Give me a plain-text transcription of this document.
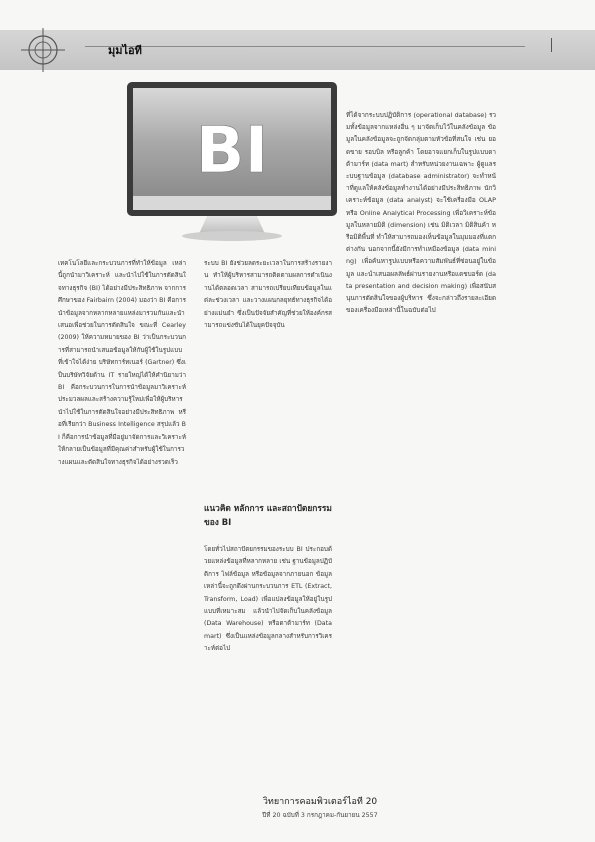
มุมไอที
BI

เทคโนโลยีและกระบวนการที่ทำให้ข้อมูล เหล่านี้ถูกนำมาวิเคราะห์ และนำไปใช้ในการตัดสินใจทางธุรกิจ (BI) ได้อย่างมีประสิทธิภาพ จากการศึกษาของ Fairbairn (2004) มองว่า BI คือการนำข้อมูลจากหลากหลายแหล่งมารวมกันและนำเสนอเพื่อช่วยในการตัดสินใจ ขณะที่ Cearley (2009) ให้ความหมายของ BI ว่าเป็นกระบวนการที่สามารถนำเสนอข้อมูลให้กับผู้ใช้ในรูปแบบที่เข้าใจได้ง่าย บริษัทการ์ทเนอร์ (Gartner) ซึ่งเป็นบริษัทวิจัยด้าน IT รายใหญ่ได้ให้คำนิยามว่า BI คือกระบวนการในการนำข้อมูลมาวิเคราะห์ ประมวลผลและสร้างความรู้ใหม่เพื่อให้ผู้บริหารนำไปใช้ในการตัดสินใจอย่างมีประสิทธิภาพ หรือที่เรียกว่า Business Intelligence สรุปแล้ว BI ก็คือการนำข้อมูลที่มีอยู่มาจัดการและวิเคราะห์ให้กลายเป็นข้อมูลที่มีคุณค่าสำหรับผู้ใช้ในการวางแผนและตัดสินใจทางธุรกิจได้อย่างรวดเร็ว

ระบบ BI ยังช่วยลดระยะเวลาในการสร้างรายงาน ทำให้ผู้บริหารสามารถติดตามผลการดำเนินงานได้ตลอดเวลา สามารถเปรียบเทียบข้อมูลในแต่ละช่วงเวลา และวางแผนกลยุทธ์ทางธุรกิจได้อย่างแม่นยำ ซึ่งเป็นปัจจัยสำคัญที่ช่วยให้องค์กรสามารถแข่งขันได้ในยุคปัจจุบัน

แนวคิด หลักการ และสถาปัตยกรรมของ BI

โดยทั่วไปสถาปัตยกรรมของระบบ BI ประกอบด้วยแหล่งข้อมูลที่หลากหลาย เช่น ฐานข้อมูลปฏิบัติการ ไฟล์ข้อมูล หรือข้อมูลจากภายนอก ข้อมูลเหล่านี้จะถูกดึงผ่านกระบวนการ ETL (Extract, Transform, Load) เพื่อแปลงข้อมูลให้อยู่ในรูปแบบที่เหมาะสม แล้วนำไปจัดเก็บในคลังข้อมูล (Data Warehouse) หรือดาต้ามาร์ท (Data mart) ซึ่งเป็นแหล่งข้อมูลกลางสำหรับการวิเคราะห์ต่อไป

ที่ได้จากระบบปฏิบัติการ (operational database) รวมทั้งข้อมูลจากแหล่งอื่น ๆ มาจัดเก็บไว้ในคลังข้อมูล ข้อมูลในคลังข้อมูลจะถูกจัดกลุ่มตามหัวข้อที่สนใจ เช่น ยอดขาย รอบบิล หรือลูกค้า โดยอาจแยกเก็บในรูปแบบดาต้ามาร์ท (data mart) สำหรับหน่วยงานเฉพาะ ผู้ดูแลระบบฐานข้อมูล (database administrator) จะทำหน้าที่ดูแลให้คลังข้อมูลทำงานได้อย่างมีประสิทธิภาพ นักวิเคราะห์ข้อมูล (data analyst) จะใช้เครื่องมือ OLAP หรือ Online Analytical Processing เพื่อวิเคราะห์ข้อมูลในหลายมิติ (dimension) เช่น มิติเวลา มิติสินค้า หรือมิติพื้นที่ ทำให้สามารถมองเห็นข้อมูลในมุมมองที่แตกต่างกัน นอกจากนี้ยังมีการทำเหมืองข้อมูล (data mining) เพื่อค้นหารูปแบบหรือความสัมพันธ์ที่ซ่อนอยู่ในข้อมูล และนำเสนอผลลัพธ์ผ่านรายงานหรือแดชบอร์ด (data presentation and decision making) เพื่อสนับสนุนการตัดสินใจของผู้บริหาร ซึ่งจะกล่าวถึงรายละเอียดของเครื่องมือเหล่านี้ในฉบับต่อไป

วิทยาการคอมพิวเตอร์ไอที 20
ปีที่ 20 ฉบับที่ 3 กรกฎาคม-กันยายน 2557
